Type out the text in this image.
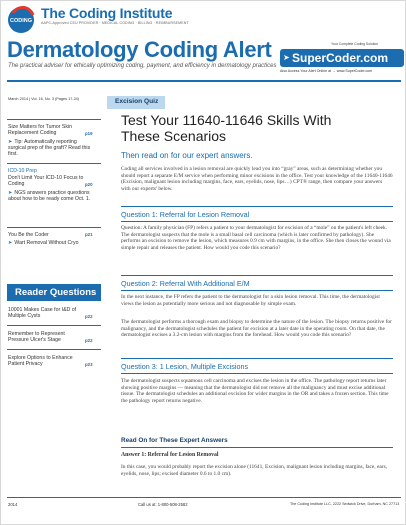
CODING The Coding Institute
AAPC-Approved CEU PROVIDER · MEDICAL CODING · BILLING · REIMBURSEMENT
Dermatology Coding Alert
The practical adviser for ethically optimizing coding, payment, and efficiency in dermatology practices
Your Complete Coding Solution
➤ SuperCoder.com
Also Access Your Alert Online at → www.SuperCoder.com
March 2014 | Vol. 16, No. 3 (Pages 17-24)
Size Matters for Tumor Skin Replacement Coding	p19
➤ Tip: Automatically reporting surgical prep of the graft? Read this first.
ICD-10 Prep
Don't Limit Your ICD-10 Focus to Coding	p20
➤ NGS answers practice questions about how to be ready come Oct. 1.
You Be the Coder	p21
➤ Wart Removal Without Cryo
Reader Questions
10001 Makes Case for I&D of Multiple Cysts	p22
Remember to Represent Pressure Ulcer's Stage	p22
Explore Options to Enhance Patient Privacy	p23
Excision Quiz
Test Your 11640-11646 Skills With These Scenarios
Then read on for our expert answers.
Coding all services involved in a lesion removal are quickly lead you into “gray” areas, such as determining whether you should report a separate E/M service when performing minor excisions in the office. Test your knowledge of the 11640-11646 (Excision, malignant lesion including margins, face, ears, eyelids, nose, lips…) CPT® range, then compare your answers with our experts' below.
Question 1: Referral for Lesion Removal
Question: A family physician (FP) refers a patient to your dermatologist for excision of a “mole” on the patient's left cheek. The dermatologist suspects that the mole is a small basal cell carcinoma (which is later confirmed by pathology). She performs an excision to remove the lesion, which measures 0.9 cm with margins, in the office. She then closes the wound via simple repair and releases the patient. How would you code this scenario?
Question 2: Referral With Additional E/M
In the next instance, the FP refers the patient to the dermatologist for a skin lesion removal. This time, the dermatologist views the lesion as potentially more serious and not diagnosable by simple exam.
The dermatologist performs a thorough exam and biopsy to determine the nature of the lesion. The biopsy returns positive for malignancy, and the dermatologist schedules the patient for excision at a later date in the operating room. On that date, the dermatologist excises a 3.2-cm lesion with margins from the forehead. How would you code this scenario?
Question 3: 1 Lesion, Multiple Excisions
The dermatologist suspects squamous cell carcinoma and excises the lesion in the office. The pathology report returns later showing positive margins — meaning that the dermatologist did not remove all the malignancy and must excise additional tissue. The dermatologist schedules an additional excision for wider margins in the OR and takes a frozen section. This time the pathology report returns negative.
Read On for These Expert Answers
Answer 1: Referral for Lesion Removal
In this case, you would probably report the excision alone (11641, Excision, malignant lesion including margins, face, ears, eyelids, nose, lips; excised diameter 0.6 to 1.0 cm).
2014	Call us at: 1-800-508-2582	The Coding Institute LLC, 2222 Sedwick Drive, Durham, NC 27713
